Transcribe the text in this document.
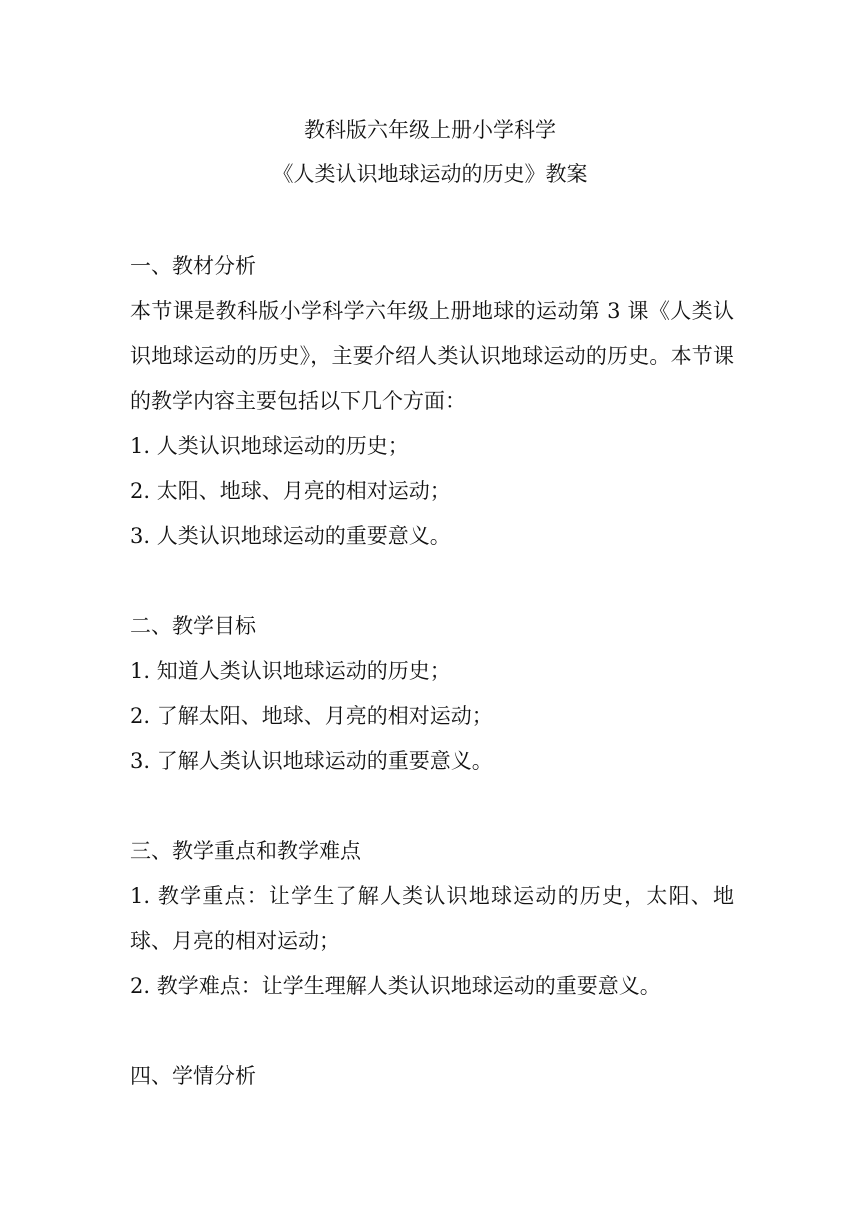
教科版六年级上册小学科学
《人类认识地球运动的历史》教案
一、教材分析
本节课是教科版小学科学六年级上册地球的运动第 3 课《人类认识地球运动的历史》，主要介绍人类认识地球运动的历史。本节课的教学内容主要包括以下几个方面：
1. 人类认识地球运动的历史；
2. 太阳、地球、月亮的相对运动；
3. 人类认识地球运动的重要意义。
二、教学目标
1. 知道人类认识地球运动的历史；
2. 了解太阳、地球、月亮的相对运动；
3. 了解人类认识地球运动的重要意义。
三、教学重点和教学难点
1. 教学重点：让学生了解人类认识地球运动的历史，太阳、地球、月亮的相对运动；
2. 教学难点：让学生理解人类认识地球运动的重要意义。
四、学情分析
